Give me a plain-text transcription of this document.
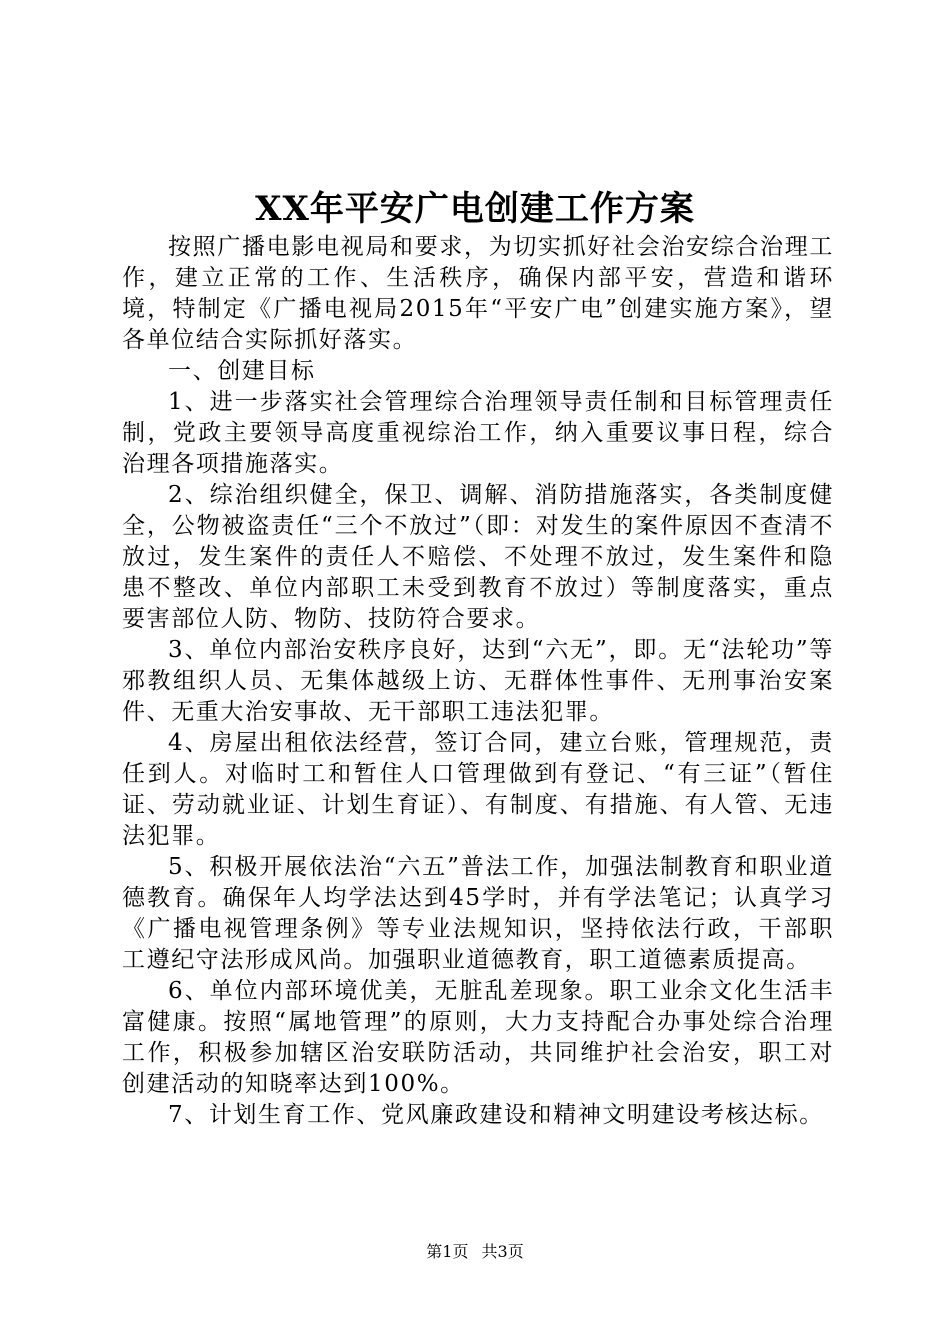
XX年平安广电创建工作方案

按照广播电影电视局和要求，为切实抓好社会治安综合治理工作，建立正常的工作、生活秩序，确保内部平安，营造和谐环境，特制定《广播电视局2015年“平安广电”创建实施方案》，望各单位结合实际抓好落实。

一、创建目标

1、进一步落实社会管理综合治理领导责任制和目标管理责任制，党政主要领导高度重视综治工作，纳入重要议事日程，综合治理各项措施落实。

2、综治组织健全，保卫、调解、消防措施落实，各类制度健全，公物被盗责任“三个不放过”（即：对发生的案件原因不查清不放过，发生案件的责任人不赔偿、不处理不放过，发生案件和隐患不整改、单位内部职工未受到教育不放过）等制度落实，重点要害部位人防、物防、技防符合要求。

3、单位内部治安秩序良好，达到“六无”，即。无“法轮功”等邪教组织人员、无集体越级上访、无群体性事件、无刑事治安案件、无重大治安事故、无干部职工违法犯罪。

4、房屋出租依法经营，签订合同，建立台账，管理规范，责任到人。对临时工和暂住人口管理做到有登记、“有三证”（暂住证、劳动就业证、计划生育证）、有制度、有措施、有人管、无违法犯罪。

5、积极开展依法治“六五”普法工作，加强法制教育和职业道德教育。确保年人均学法达到45学时，并有学法笔记；认真学习《广播电视管理条例》等专业法规知识，坚持依法行政，干部职工遵纪守法形成风尚。加强职业道德教育，职工道德素质提高。

6、单位内部环境优美，无脏乱差现象。职工业余文化生活丰富健康。按照“属地管理”的原则，大力支持配合办事处综合治理工作，积极参加辖区治安联防活动，共同维护社会治安，职工对创建活动的知晓率达到100%。

7、计划生育工作、党风廉政建设和精神文明建设考核达标。

第1页 共3页
